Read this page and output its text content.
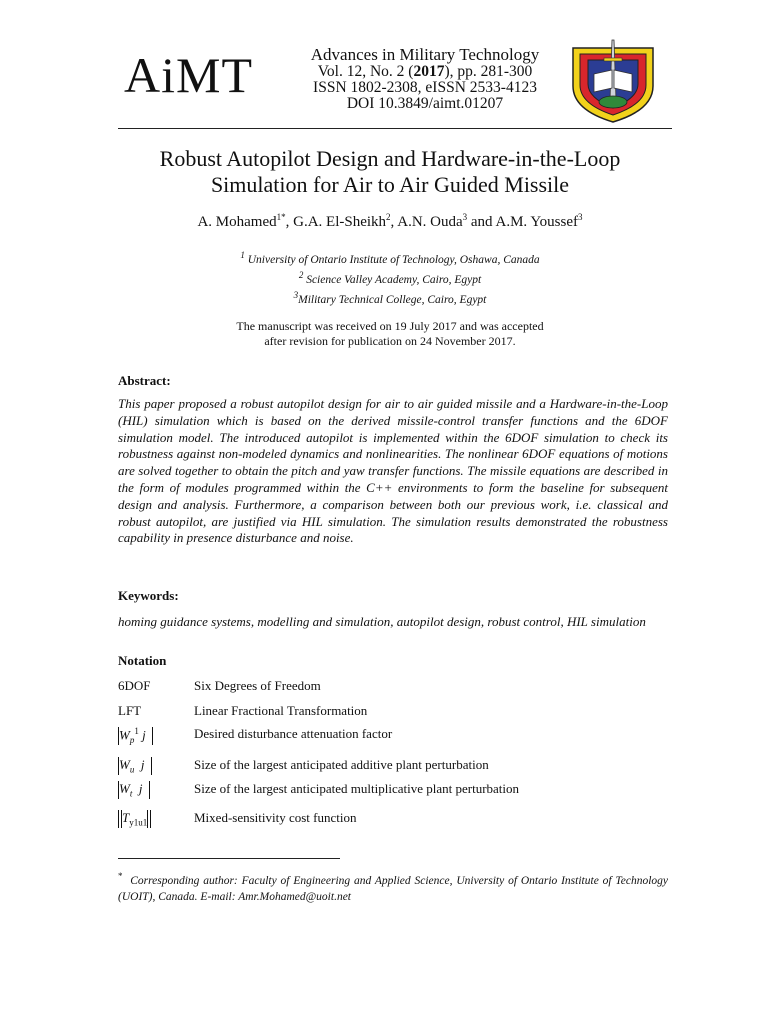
AiMT	Advances in Military Technology
Vol. 12, No. 2 (2017), pp. 281-300
ISSN 1802-2308, eISSN 2533-4123
DOI 10.3849/aimt.01207
Robust Autopilot Design and Hardware-in-the-Loop
Simulation for Air to Air Guided Missile
A. Mohamed$^{1*}$, G.A. El-Sheikh$^2$, A.N. Ouda$^3$ and A.M. Youssef$^3$
$^1$ University of Ontario Institute of Technology, Oshawa, Canada
$^2$ Science Valley Academy, Cairo, Egypt
$^3$Military Technical College, Cairo, Egypt
The manuscript was received on 19 July 2017 and was accepted
after revision for publication on 24 November 2017.
Abstract:
This paper proposed a robust autopilot design for air to air guided missile and a Hardware-in-the-Loop (HIL) simulation which is based on the derived missile-control transfer functions and the 6DOF simulation model. The introduced autopilot is implemented within the 6DOF simulation to check its robustness against non-modeled dynamics and nonlinearities. The nonlinear 6DOF equations of motions are solved together to obtain the pitch and yaw transfer functions. The missile equations are described in the form of modules programmed within the C++ environments to form the baseline for subsequent design and analysis. Furthermore, a comparison between both our previous work, i.e. classical and robust autopilot, are justified via HIL simulation. The simulation results demonstrated the robustness capability in presence disturbance and noise.
Keywords:
homing guidance systems, modelling and simulation, autopilot design, robust control, HIL simulation
Notation
6DOF	Six Degrees of Freedom
LFT	Linear Fractional Transformation
$W_p^1$ j	Desired disturbance attenuation factor
$W_u$ j	Size of the largest anticipated additive plant perturbation
$W_t$ j	Size of the largest anticipated multiplicative plant perturbation
$T_{y1u1}$	Mixed-sensitivity cost function
* Corresponding author: Faculty of Engineering and Applied Science, University of Ontario Institute of Technology (UOIT), Canada. E-mail: Amr.Mohamed@uoit.net
